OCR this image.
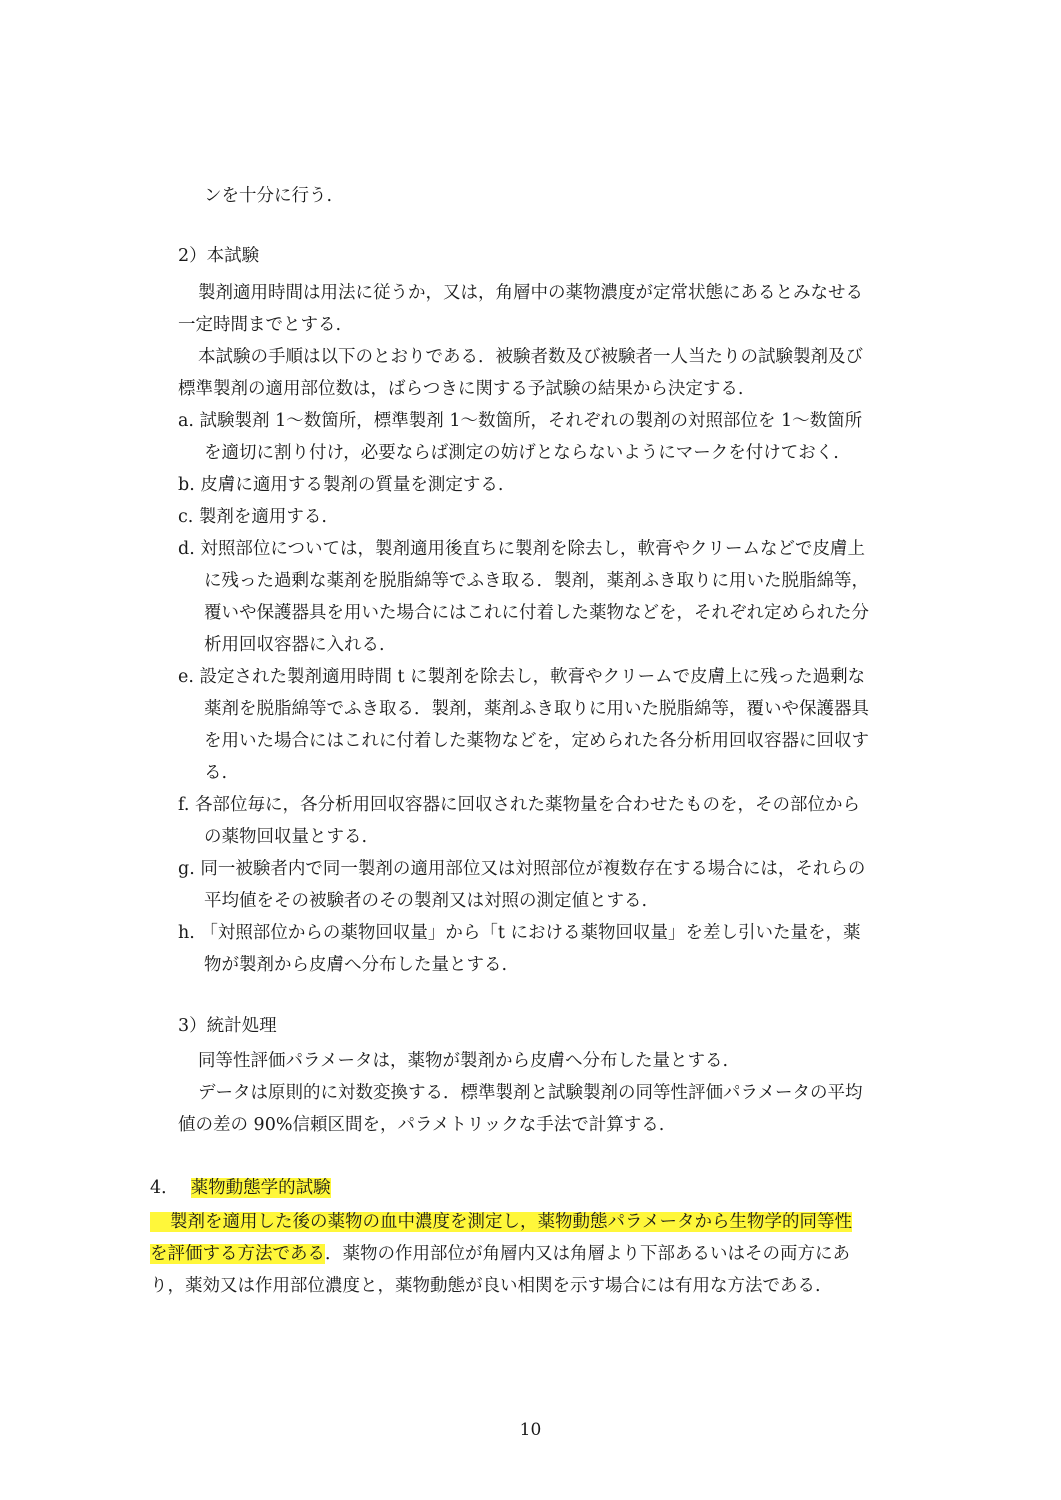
ンを十分に行う.
2）本試験
製剤適用時間は用法に従うか，又は，角層中の薬物濃度が定常状態にあるとみなせる
一定時間までとする.
本試験の手順は以下のとおりである．被験者数及び被験者一人当たりの試験製剤及び
標準製剤の適用部位数は，ばらつきに関する予試験の結果から決定する.
a. 試験製剤 1〜数箇所，標準製剤 1〜数箇所，それぞれの製剤の対照部位を 1〜数箇所
を適切に割り付け，必要ならば測定の妨げとならないようにマークを付けておく.
b. 皮膚に適用する製剤の質量を測定する.
c. 製剤を適用する.
d. 対照部位については，製剤適用後直ちに製剤を除去し，軟膏やクリームなどで皮膚上
に残った過剰な薬剤を脱脂綿等でふき取る．製剤，薬剤ふき取りに用いた脱脂綿等，
覆いや保護器具を用いた場合にはこれに付着した薬物などを，それぞれ定められた分
析用回収容器に入れる.
e. 設定された製剤適用時間 t に製剤を除去し，軟膏やクリームで皮膚上に残った過剰な
薬剤を脱脂綿等でふき取る．製剤，薬剤ふき取りに用いた脱脂綿等，覆いや保護器具
を用いた場合にはこれに付着した薬物などを，定められた各分析用回収容器に回収す
る.
f. 各部位毎に，各分析用回収容器に回収された薬物量を合わせたものを，その部位から
の薬物回収量とする.
g. 同一被験者内で同一製剤の適用部位又は対照部位が複数存在する場合には，それらの
平均値をその被験者のその製剤又は対照の測定値とする.
h. 「対照部位からの薬物回収量」から「t における薬物回収量」を差し引いた量を，薬
物が製剤から皮膚へ分布した量とする.
3）統計処理
同等性評価パラメータは，薬物が製剤から皮膚へ分布した量とする.
データは原則的に対数変換する．標準製剤と試験製剤の同等性評価パラメータの平均
値の差の 90%信頼区間を，パラメトリックな手法で計算する.
4． 薬物動態学的試験
製剤を適用した後の薬物の血中濃度を測定し，薬物動態パラメータから生物学的同等性
を評価する方法である．薬物の作用部位が角層内又は角層より下部あるいはその両方にあ
り，薬効又は作用部位濃度と，薬物動態が良い相関を示す場合には有用な方法である.
10
